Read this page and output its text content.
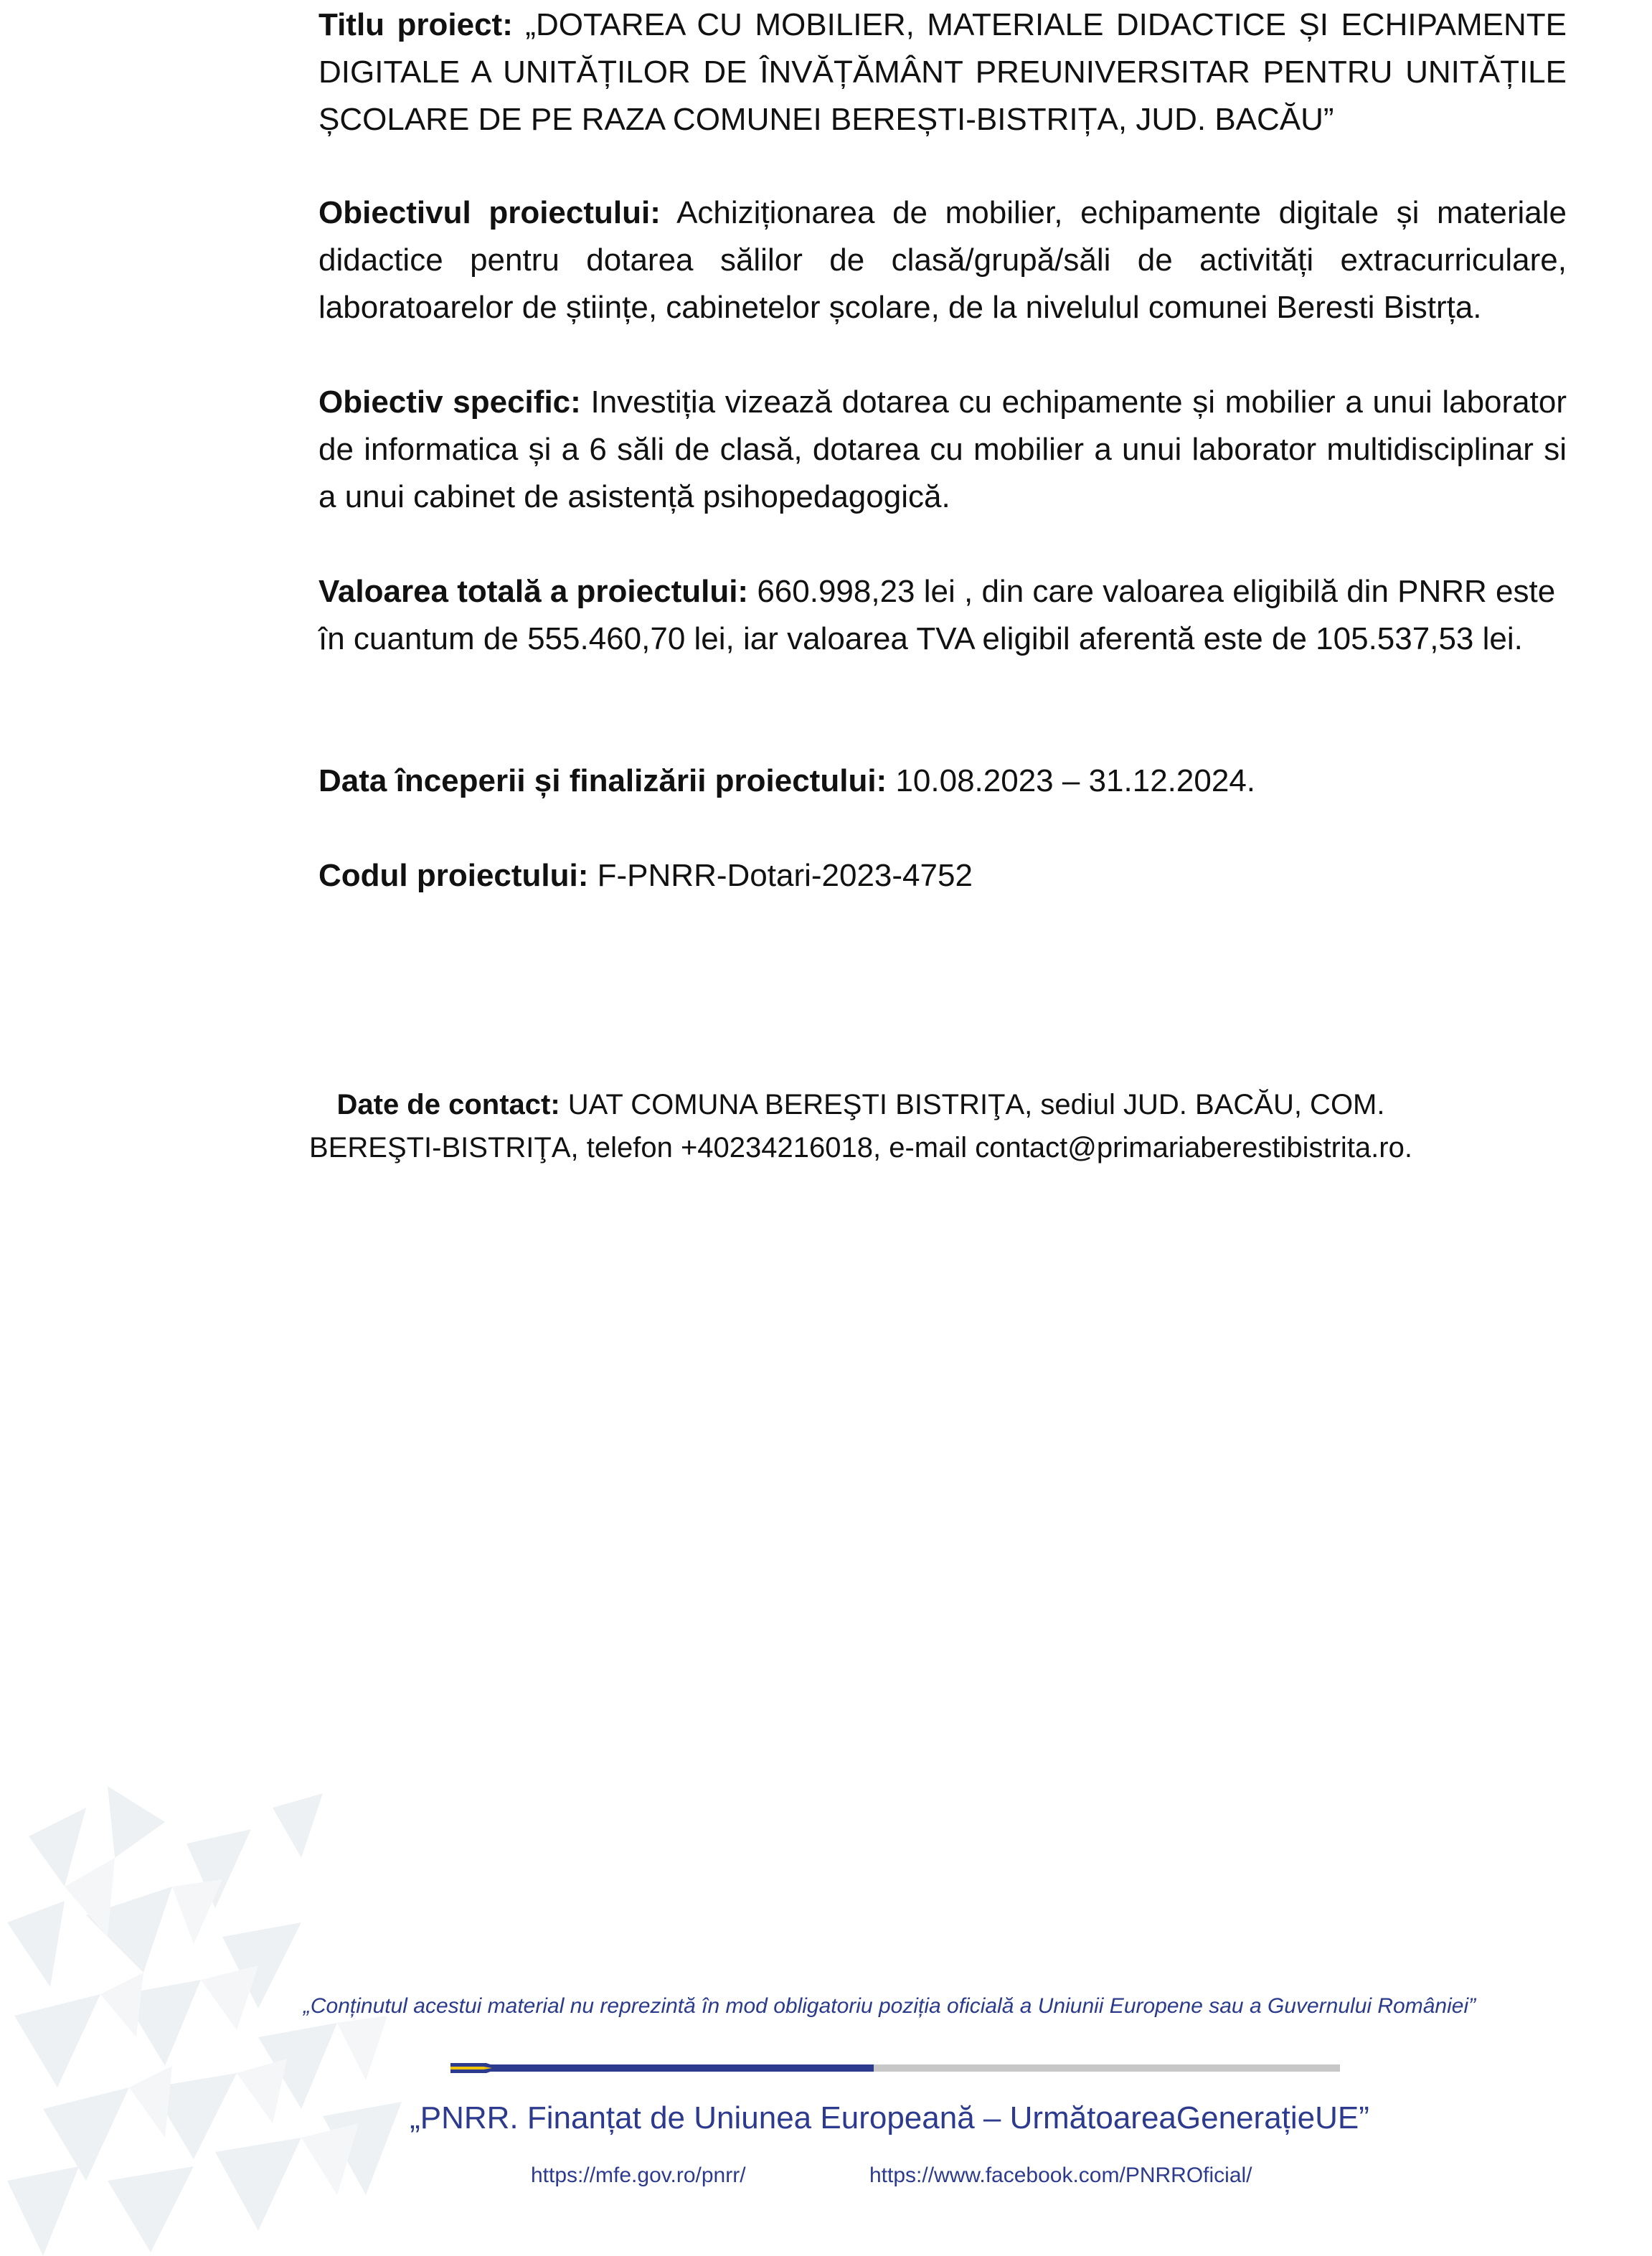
Titlu proiect: „DOTAREA CU MOBILIER, MATERIALE DIDACTICE ȘI ECHIPAMENTE DIGITALE A UNITĂȚILOR DE ÎNVĂȚĂMÂNT PREUNIVERSITAR PENTRU UNITĂȚILE ȘCOLARE DE PE RAZA COMUNEI BEREȘTI-BISTRIȚA, JUD. BACĂU”

Obiectivul proiectului: Achiziționarea de mobilier, echipamente digitale și materiale didactice pentru dotarea sălilor de clasă/grupă/săli de activități extracurriculare, laboratoarelor de științe, cabinetelor școlare, de la nivelulul comunei Beresti Bistrța.

Obiectiv specific: Investiția vizează dotarea cu echipamente și mobilier a unui laborator de informatica și a 6 săli de clasă, dotarea cu mobilier a unui laborator multidisciplinar si a unui cabinet de asistență psihopedagogică.

Valoarea totală a proiectului: 660.998,23 lei , din care valoarea eligibilă din PNRR este
în cuantum de 555.460,70 lei, iar valoarea TVA eligibil aferentă este de 105.537,53 lei.

Data începerii și finalizării proiectului: 10.08.2023 – 31.12.2024.

Codul proiectului: F-PNRR-Dotari-2023-4752

Date de contact: UAT COMUNA BEREŞTI BISTRIŢA, sediul JUD. BACĂU, COM. BEREŞTI-BISTRIŢA, telefon +40234216018, e-mail contact@primariaberestibistrita.ro.

„Conținutul acestui material nu reprezintă în mod obligatoriu poziția oficială a Uniunii Europene sau a Guvernului României”
„PNRR. Finanțat de Uniunea Europeană – UrmătoareaGenerațieUE”
https://mfe.gov.ro/pnrr/	https://www.facebook.com/PNRROficial/
